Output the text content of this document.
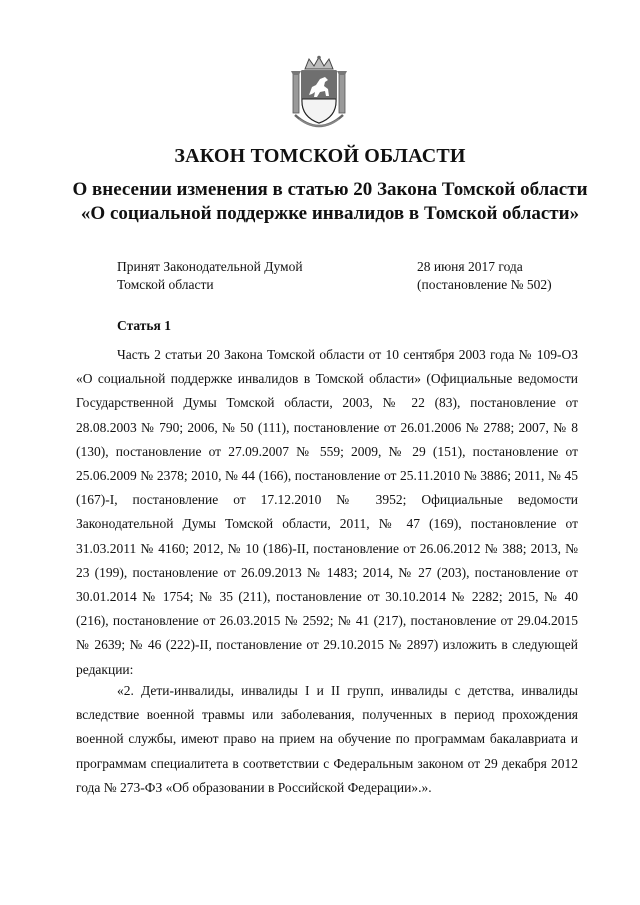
ЗАКОН ТОМСКОЙ ОБЛАСТИ
О внесении изменения в статью 20 Закона Томской области «О социальной поддержке инвалидов в Томской области»
Принят Законодательной Думой
Томской области
28 июня 2017 года
(постановление № 502)
Статья 1

Часть 2 статьи 20 Закона Томской области от 10 сентября 2003 года № 109-ОЗ «О социальной поддержке инвалидов в Томской области» (Официальные ведомости Государственной Думы Томской области, 2003, № 22 (83), постановление от 28.08.2003 № 790; 2006, № 50 (111), постановление от 26.01.2006 № 2788; 2007, № 8 (130), постановление от 27.09.2007 № 559; 2009, № 29 (151), постановление от 25.06.2009 № 2378; 2010, № 44 (166), постановление от 25.11.2010 № 3886; 2011, № 45 (167)-I, постановление от 17.12.2010 № 3952; Официальные ведомости Законодательной Думы Томской области, 2011, № 47 (169), постановление от 31.03.2011 № 4160; 2012, № 10 (186)-II, постановление от 26.06.2012 № 388; 2013, № 23 (199), постановление от 26.09.2013 № 1483; 2014, № 27 (203), постановление от 30.01.2014 № 1754; № 35 (211), постановление от 30.10.2014 № 2282; 2015, № 40 (216), постановление от 26.03.2015 № 2592; № 41 (217), постановление от 29.04.2015 № 2639; № 46 (222)-II, постановление от 29.10.2015 № 2897) изложить в следующей редакции:

«2. Дети-инвалиды, инвалиды I и II групп, инвалиды с детства, инвалиды вследствие военной травмы или заболевания, полученных в период прохождения военной службы, имеют право на прием на обучение по программам бакалавриата и программам специалитета в соответствии с Федеральным законом от 29 декабря 2012 года № 273-ФЗ «Об образовании в Российской Федерации».».
